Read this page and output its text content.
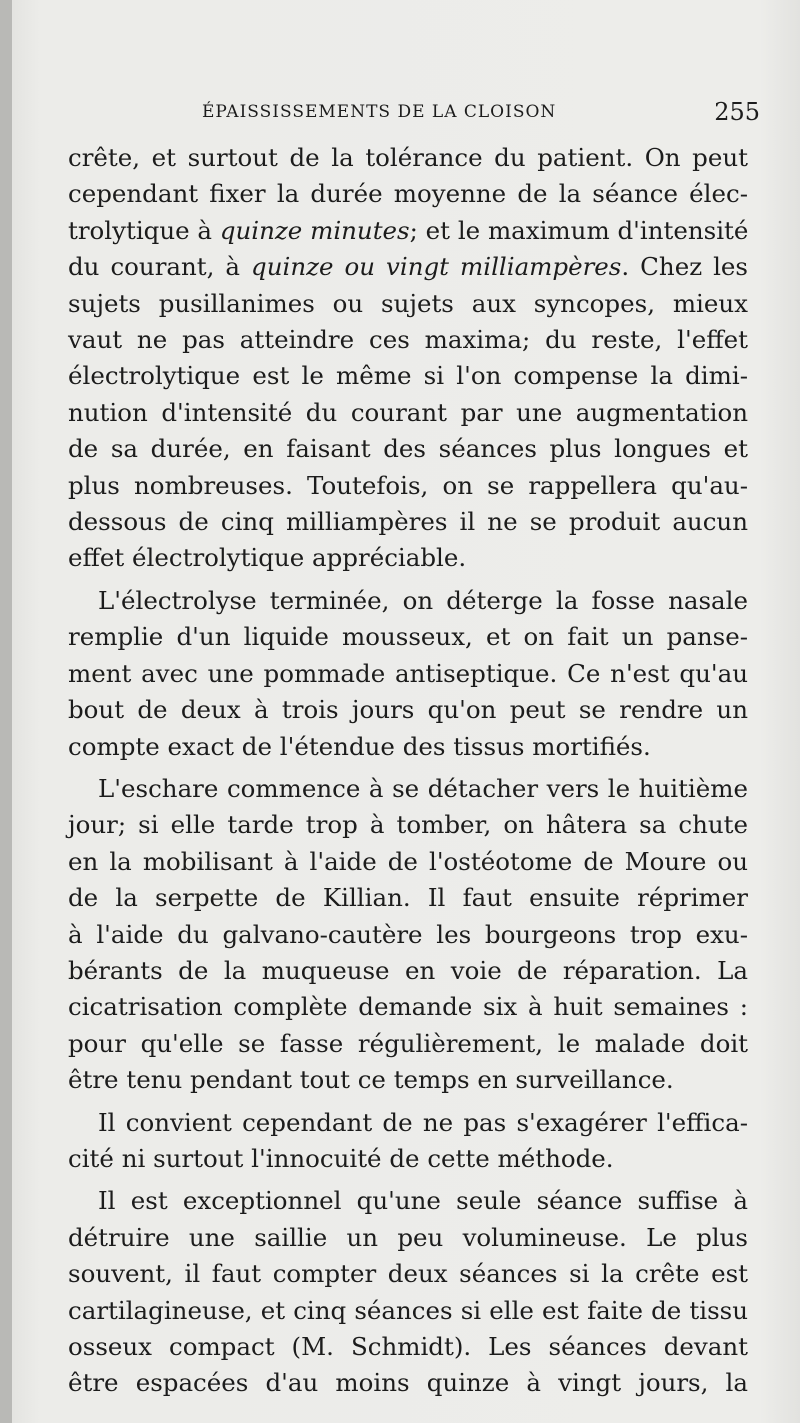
ÉPAISSISSEMENTS DE LA CLOISON	255

crête, et surtout de la tolérance du patient. On peut
cependant fixer la durée moyenne de la séance élec-
trolytique à quinze minutes; et le maximum d'intensité
du courant, à quinze ou vingt milliampères. Chez les
sujets pusillanimes ou sujets aux syncopes, mieux
vaut ne pas atteindre ces maxima; du reste, l'effet
électrolytique est le même si l'on compense la dimi-
nution d'intensité du courant par une augmentation
de sa durée, en faisant des séances plus longues et
plus nombreuses. Toutefois, on se rappellera qu'au-
dessous de cinq milliampères il ne se produit aucun
effet électrolytique appréciable.

L'électrolyse terminée, on déterge la fosse nasale
remplie d'un liquide mousseux, et on fait un panse-
ment avec une pommade antiseptique. Ce n'est qu'au
bout de deux à trois jours qu'on peut se rendre un
compte exact de l'étendue des tissus mortifiés.

L'eschare commence à se détacher vers le huitième
jour; si elle tarde trop à tomber, on hâtera sa chute
en la mobilisant à l'aide de l'ostéotome de Moure ou
de la serpette de Killian. Il faut ensuite réprimer
à l'aide du galvano-cautère les bourgeons trop exu-
bérants de la muqueuse en voie de réparation. La
cicatrisation complète demande six à huit semaines :
pour qu'elle se fasse régulièrement, le malade doit
être tenu pendant tout ce temps en surveillance.

Il convient cependant de ne pas s'exagérer l'effica-
cité ni surtout l'innocuité de cette méthode.

Il est exceptionnel qu'une seule séance suffise à
détruire une saillie un peu volumineuse. Le plus
souvent, il faut compter deux séances si la crête est
cartilagineuse, et cinq séances si elle est faite de tissu
osseux compact (M. Schmidt). Les séances devant
être espacées d'au moins quinze à vingt jours, la
